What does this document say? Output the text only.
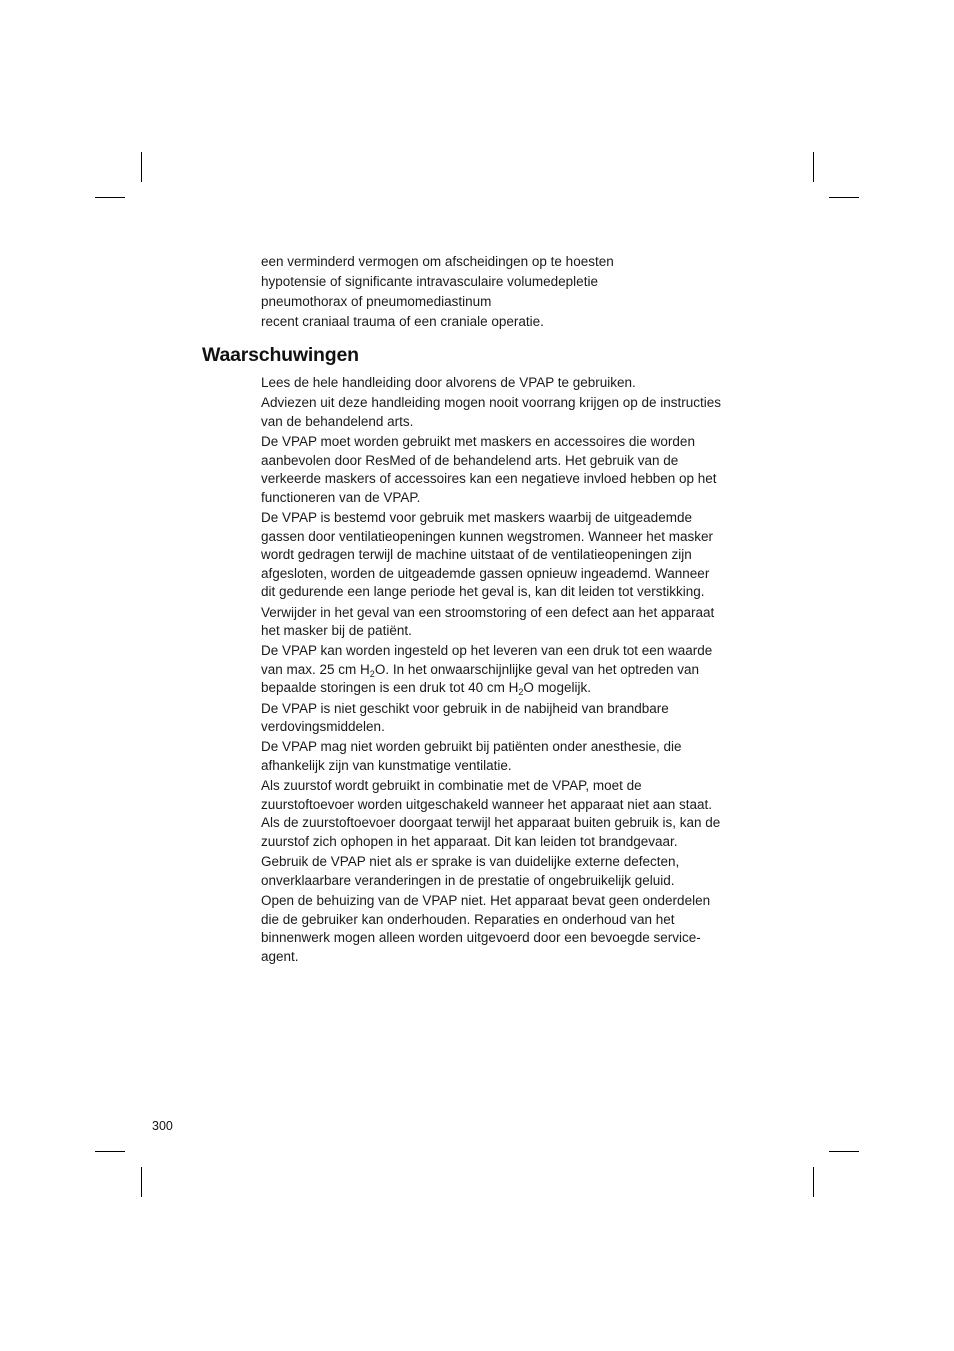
een verminderd vermogen om afscheidingen op te hoesten
hypotensie of significante intravasculaire volumedepletie
pneumothorax of pneumomediastinum
recent craniaal trauma of een craniale operatie.
Waarschuwingen
Lees de hele handleiding door alvorens de VPAP te gebruiken.
Adviezen uit deze handleiding mogen nooit voorrang krijgen op de instructies
van de behandelend arts.
De VPAP moet worden gebruikt met maskers en accessoires die worden
aanbevolen door ResMed of de behandelend arts. Het gebruik van de
verkeerde maskers of accessoires kan een negatieve invloed hebben op het
functioneren van de VPAP.
De VPAP is bestemd voor gebruik met maskers waarbij de uitgeademde
gassen door ventilatieopeningen kunnen wegstromen. Wanneer het masker
wordt gedragen terwijl de machine uitstaat of de ventilatieopeningen zijn
afgesloten, worden de uitgeademde gassen opnieuw ingeademd. Wanneer
dit gedurende een lange periode het geval is, kan dit leiden tot verstikking.
Verwijder in het geval van een stroomstoring of een defect aan het apparaat
het masker bij de patiënt.
De VPAP kan worden ingesteld op het leveren van een druk tot een waarde
van max. 25 cm $H_2O$. In het onwaarschijnlijke geval van het optreden van
bepaalde storingen is een druk tot 40 cm $H_2O$ mogelijk.
De VPAP is niet geschikt voor gebruik in de nabijheid van brandbare
verdovingsmiddelen.
De VPAP mag niet worden gebruikt bij patiënten onder anesthesie, die
afhankelijk zijn van kunstmatige ventilatie.
Als zuurstof wordt gebruikt in combinatie met de VPAP, moet de
zuurstoftoevoer worden uitgeschakeld wanneer het apparaat niet aan staat.
Als de zuurstoftoevoer doorgaat terwijl het apparaat buiten gebruik is, kan de
zuurstof zich ophopen in het apparaat. Dit kan leiden tot brandgevaar.
Gebruik de VPAP niet als er sprake is van duidelijke externe defecten,
onverklaarbare veranderingen in de prestatie of ongebruikelijk geluid.
Open de behuizing van de VPAP niet. Het apparaat bevat geen onderdelen
die de gebruiker kan onderhouden. Reparaties en onderhoud van het
binnenwerk mogen alleen worden uitgevoerd door een bevoegde service-
agent.
300
